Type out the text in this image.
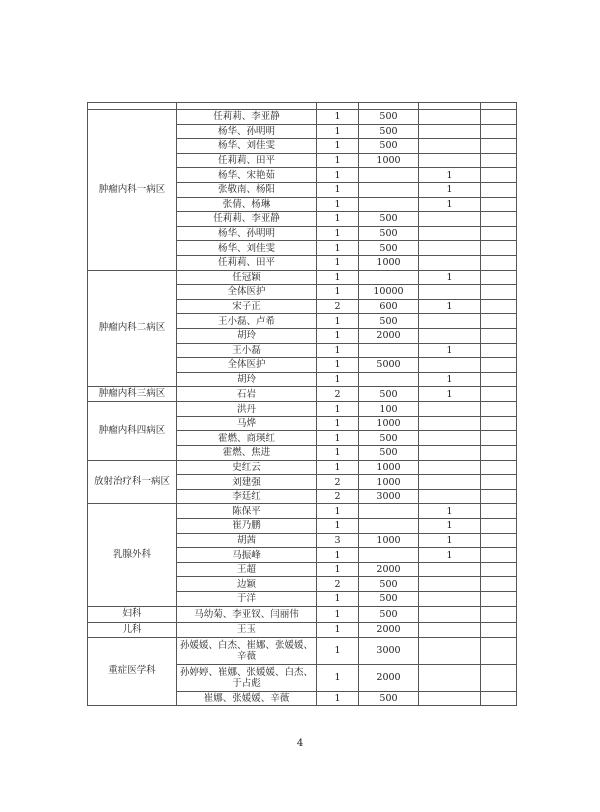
肿瘤内科一病区	任莉莉、李亚静	1	500		
	杨华、孙明明	1	500		
	杨华、刘佳雯	1	500		
	任莉莉、田平	1	1000		
	杨华、宋艳茹	1		1	
	张敬南、杨阳	1		1	
	张倩、杨琳	1		1	
	任莉莉、李亚静	1	500		
	杨华、孙明明	1	500		
	杨华、刘佳雯	1	500		
	任莉莉、田平	1	1000		
肿瘤内科二病区	任冠颖	1		1	
	全体医护	1	10000		
	宋子正	2	600	1	
	王小磊、卢希	1	500		
	胡玲	1	2000		
	王小磊	1		1	
	全体医护	1	5000		
	胡玲	1		1	
肿瘤内科三病区	石岩	2	500	1	
肿瘤内科四病区	洪丹	1	100		
	马烨	1	1000		
	霍燃、商瑛红	1	500		
	霍燃、焦进	1	500		
放射治疗科一病区	史红云	1	1000		
	刘建强	2	1000		
	李廷红	2	3000		
乳腺外科	陈保平	1		1	
	崔乃鹏	1		1	
	胡茜	3	1000	1	
	马振峰	1		1	
	王超	1	2000		
	边颖	2	500		
	于洋	1	500		
妇科	马幼菊、李亚钗、闫丽伟	1	500		
儿科	王玉	1	2000		
重症医学科	孙媛媛、白杰、崔娜、张媛媛、辛薇	1	3000		
	孙婷婷、崔娜、张媛媛、白杰、于占彪	1	2000		
	崔娜、张媛媛、辛薇	1	500		
4
